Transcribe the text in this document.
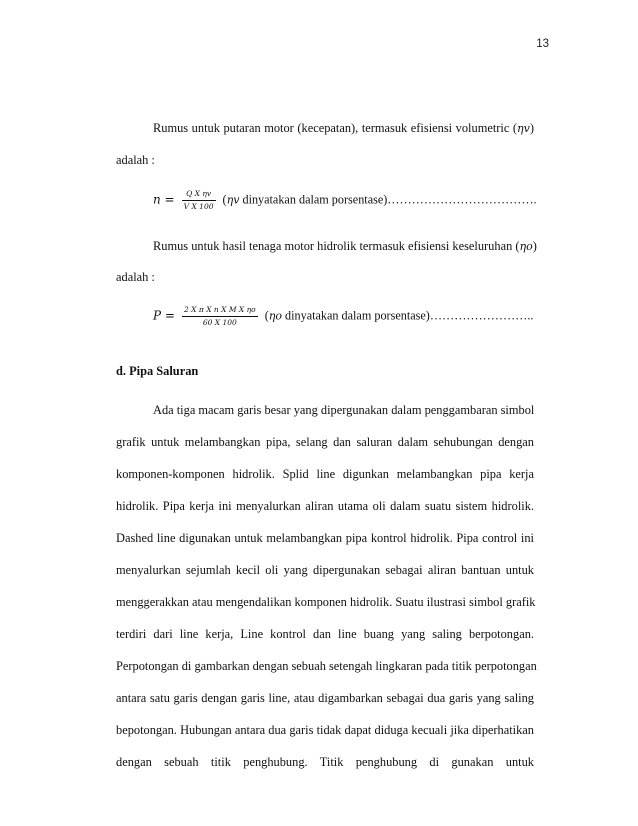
13
Rumus untuk putaran motor (kecepatan), termasuk efisiensi volumetric (ηv)
adalah :
$n = \frac{\text{Q X ηv}}{\text{V X 100}} (\eta v$ dinyatakan dalam porsentase)……………………………….
Rumus untuk hasil tenaga motor hidrolik termasuk efisiensi keseluruhan (ηo)
adalah :
$P = \frac{\text{2 X π X n X M X ηo}}{60 X 100} (\eta o$ dinyatakan dalam porsentase)……………………..
d. Pipa Saluran
Ada tiga macam garis besar yang dipergunakan dalam penggambaran simbol
grafik untuk melambangkan pipa, selang dan saluran dalam sehubungan dengan
komponen-komponen hidrolik. Splid line digunkan melambangkan pipa kerja
hidrolik. Pipa kerja ini menyalurkan aliran utama oli dalam suatu sistem hidrolik.
Dashed line digunakan untuk melambangkan pipa kontrol hidrolik. Pipa control ini
menyalurkan sejumlah kecil oli yang dipergunakan sebagai aliran bantuan untuk
menggerakkan atau mengendalikan komponen hidrolik. Suatu ilustrasi simbol grafik
terdiri dari line kerja, Line kontrol dan line buang yang saling berpotongan.
Perpotongan di gambarkan dengan sebuah setengah lingkaran pada titik perpotongan
antara satu garis dengan garis line, atau digambarkan sebagai dua garis yang saling
bepotongan. Hubungan antara dua garis tidak dapat diduga kecuali jika diperhatikan
dengan sebuah titik penghubung. Titik penghubung di gunakan untuk
